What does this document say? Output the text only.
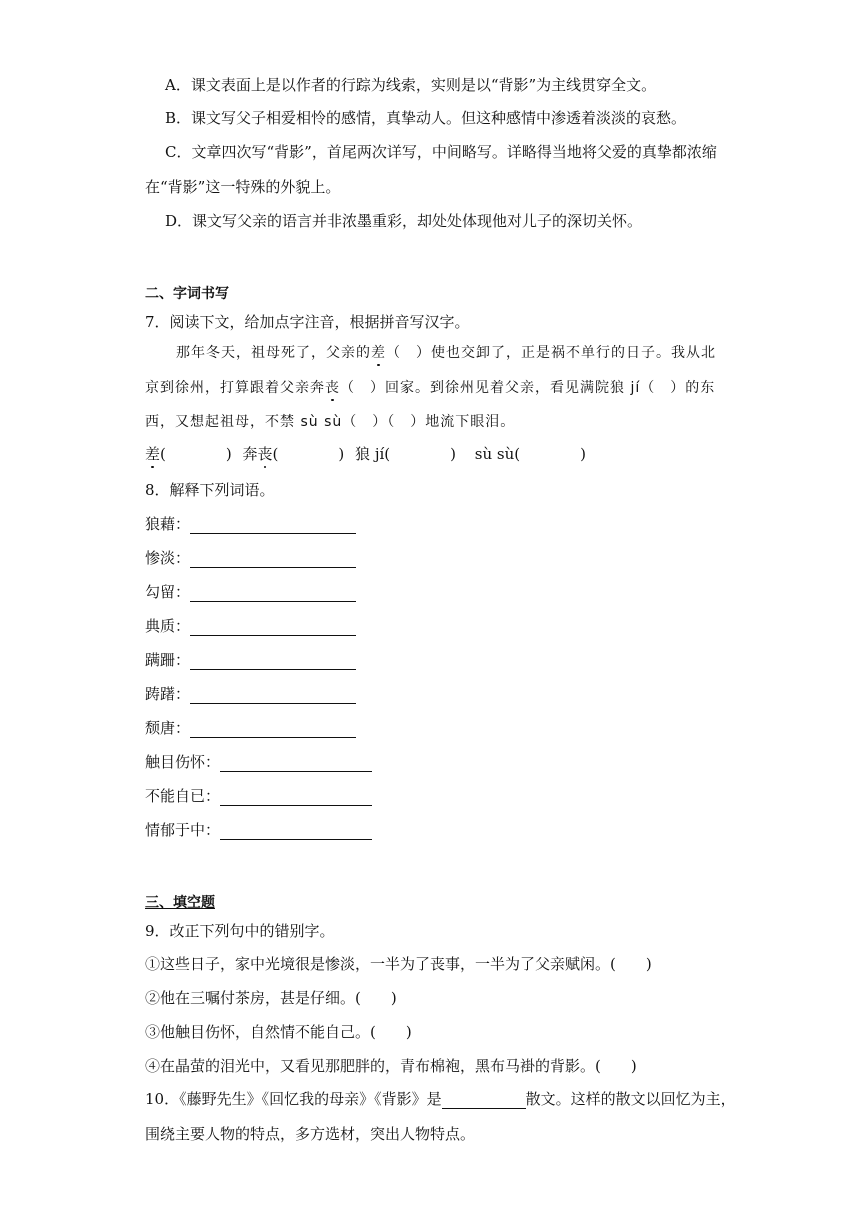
A．课文表面上是以作者的行踪为线索，实则是以“背影”为主线贯穿全文。
B．课文写父子相爱相怜的感情，真挚动人。但这种感情中渗透着淡淡的哀愁。
C．文章四次写“背影”，首尾两次详写，中间略写。详略得当地将父爱的真挚都浓缩
在“背影”这一特殊的外貌上。
D．课文写父亲的语言并非浓墨重彩，却处处体现他对儿子的深切关怀。
二、字词书写
7．阅读下文，给加点字注音，根据拼音写汉字。
那年冬天，祖母死了，父亲的差（　）使也交卸了，正是祸不单行的日子。我从北
京到徐州，打算跟着父亲奔丧（　）回家。到徐州见着父亲，看见满院狼 jí（　）的东
西，又想起祖母，不禁 sù sù（　）（　）地流下眼泪。
差(　　　　) 奔丧(　　　　) 狼 jí(　　　　) sù sù(　　　　)
8．解释下列词语。
狼藉：
惨淡：
勾留：
典质：
蹒跚：
踌躇：
颓唐：
触目伤怀：
不能自已：
情郁于中：
三、填空题
9．改正下列句中的错别字。
①这些日子，家中光境很是惨淡，一半为了丧事，一半为了父亲赋闲。(　　)
②他在三嘱付茶房，甚是仔细。(　　)
③他触目伤怀，自然情不能自己。(　　)
④在晶萤的泪光中，又看见那肥胖的，青布棉袍，黑布马褂的背影。(　　)
10．《藤野先生》《回忆我的母亲》《背影》是	散文。这样的散文以回忆为主，
围绕主要人物的特点，多方选材，突出人物特点。
